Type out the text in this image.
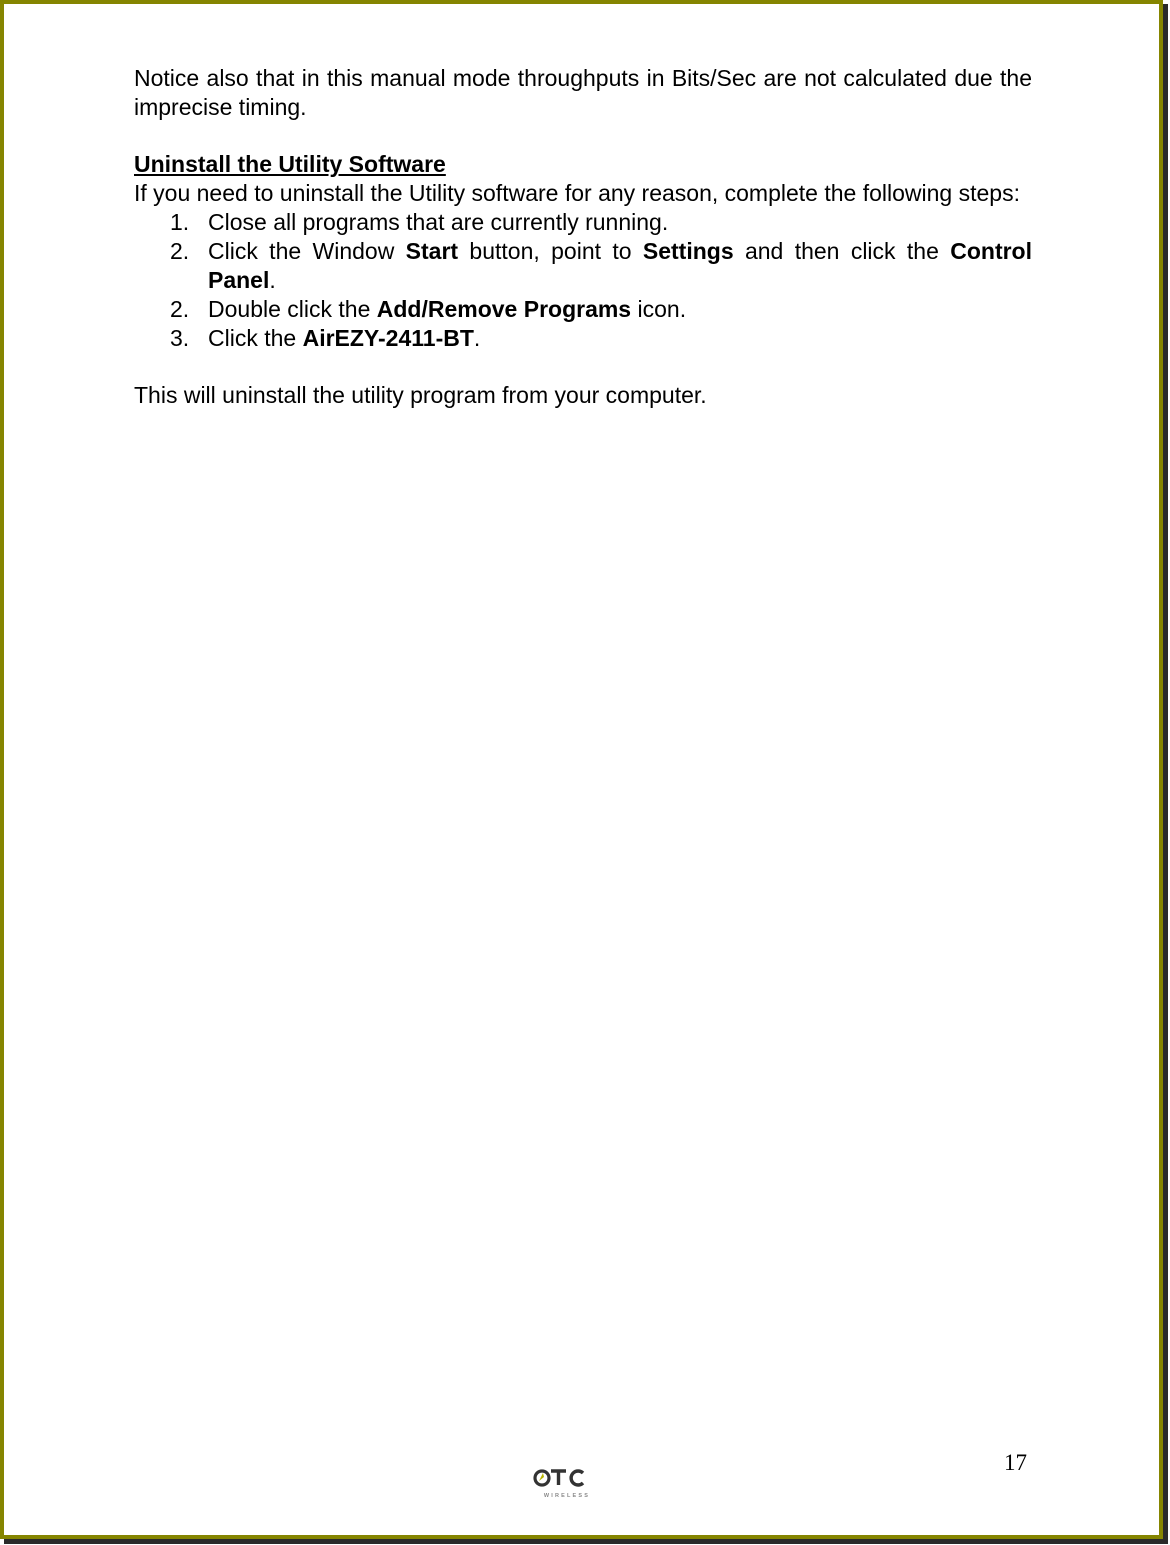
Notice also that in this manual mode throughputs in Bits/Sec are not calculated due the imprecise timing.

Uninstall the Utility Software

If you need to uninstall the Utility software for any reason, complete the following steps:

1. Close all programs that are currently running.
2. Click the Window Start button, point to Settings and then click the Control Panel.
2. Double click the Add/Remove Programs icon.
3. Click the AirEZY-2411-BT.

This will uninstall the utility program from your computer.

17
WIRELESS
